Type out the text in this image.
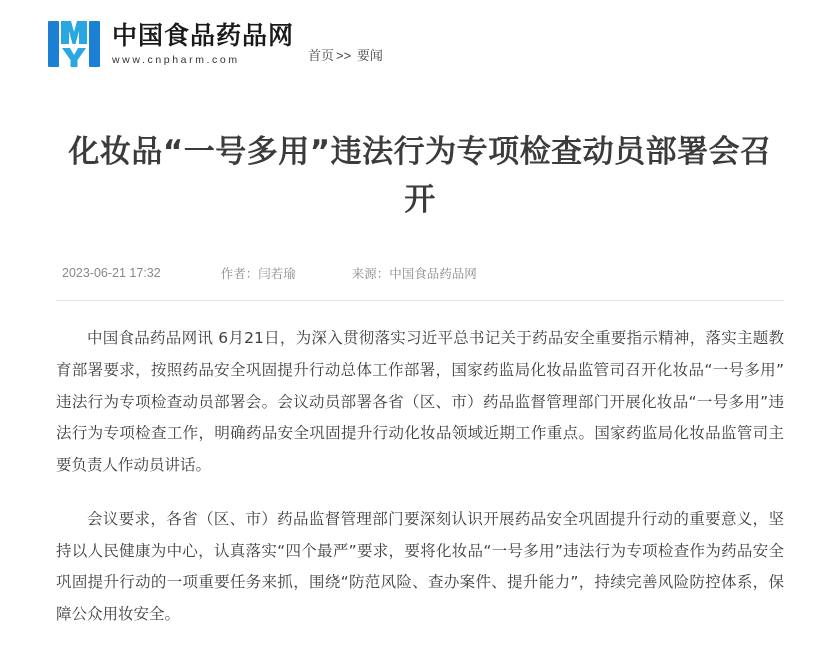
中国食品药品网
www.cnpharm.com	首页 >> 要闻
化妆品“一号多用”违法行为专项检查动员部署会召开
2023-06-21 17:32	作者：闫若瑜	来源：中国食品药品网

中国食品药品网讯 6月21日，为深入贯彻落实习近平总书记关于药品安全重要指示精神，落实主题教育部署要求，按照药品安全巩固提升行动总体工作部署，国家药监局化妆品监管司召开化妆品“一号多用”违法行为专项检查动员部署会。会议动员部署各省（区、市）药品监督管理部门开展化妆品“一号多用”违法行为专项检查工作，明确药品安全巩固提升行动化妆品领域近期工作重点。国家药监局化妆品监管司主要负责人作动员讲话。

会议要求，各省（区、市）药品监督管理部门要深刻认识开展药品安全巩固提升行动的重要意义，坚持以人民健康为中心，认真落实“四个最严”要求，要将化妆品“一号多用”违法行为专项检查作为药品安全巩固提升行动的一项重要任务来抓，围绕“防范风险、查办案件、提升能力”，持续完善风险防控体系，保障公众用妆安全。
